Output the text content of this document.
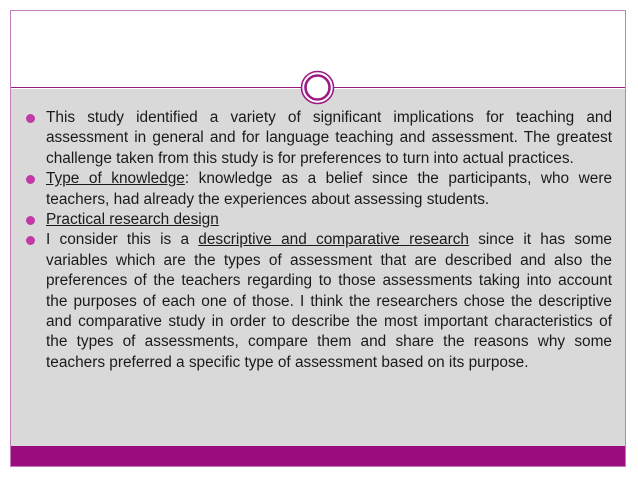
This study identified a variety of significant implications for teaching and assessment in general and for language teaching and assessment. The greatest challenge taken from this study is for preferences to turn into actual practices.
Type of knowledge: knowledge as a belief since the participants, who were teachers, had already the experiences about assessing students.
Practical research design
I consider this is a descriptive and comparative research since it has some variables which are the types of assessment that are described and also the preferences of the teachers regarding to those assessments taking into account the purposes of each one of those. I think the researchers chose the descriptive and comparative study in order to describe the most important characteristics of the types of assessments, compare them and share the reasons why some teachers preferred a specific type of assessment based on its purpose.
